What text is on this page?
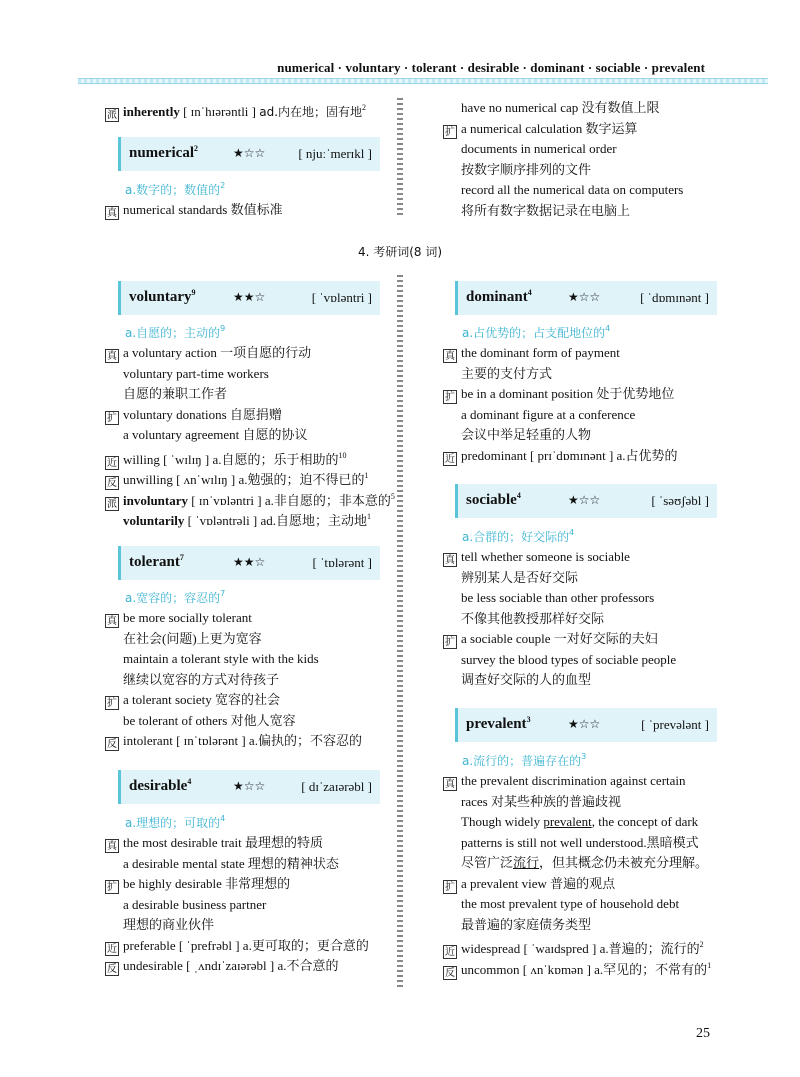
numerical · voluntary · tolerant · desirable · dominant · sociable · prevalent
派 inherently [ ɪnˈhɪərəntli ] ad.内在地；固有地$^2$
numerical$^2$	★☆☆	[ njuːˈmerɪkl ]
a.数字的；数值的$^2$
真 numerical standards 数值标准
have no numerical cap 没有数值上限
扩 a numerical calculation 数字运算
documents in numerical order
按数字顺序排列的文件
record all the numerical data on computers
将所有数字数据记录在电脑上
4. 考研词(8 词)
voluntary$^9$	★★☆	[ ˈvɒləntri ]
a.自愿的；主动的$^9$
真 a voluntary action 一项自愿的行动
voluntary part-time workers
自愿的兼职工作者
扩 voluntary donations 自愿捐赠
a voluntary agreement 自愿的协议
近 willing [ ˈwɪlɪŋ ] a.自愿的；乐于相助的$^{10}$
反 unwilling [ ʌnˈwɪlɪŋ ] a.勉强的；迫不得已的$^1$
派 involuntary [ ɪnˈvɒləntri ] a.非自愿的；非本意的$^5$
voluntarily [ ˈvɒləntrəli ] ad.自愿地；主动地$^1$
tolerant$^7$	★★☆	[ ˈtɒlərənt ]
a.宽容的；容忍的$^7$
真 be more socially tolerant
在社会(问题)上更为宽容
maintain a tolerant style with the kids
继续以宽容的方式对待孩子
扩 a tolerant society 宽容的社会
be tolerant of others 对他人宽容
反 intolerant [ ɪnˈtɒlərənt ] a.偏执的；不容忍的
desirable$^4$	★☆☆	[ dɪˈzaɪərəbl ]
a.理想的；可取的$^4$
真 the most desirable trait 最理想的特质
a desirable mental state 理想的精神状态
扩 be highly desirable 非常理想的
a desirable business partner
理想的商业伙伴
近 preferable [ ˈprefrəbl ] a.更可取的；更合意的
反 undesirable [ ˌʌndɪˈzaɪərəbl ] a.不合意的
dominant$^4$	★☆☆	[ ˈdɒmɪnənt ]
a.占优势的；占支配地位的$^4$
真 the dominant form of payment
主要的支付方式
扩 be in a dominant position 处于优势地位
a dominant figure at a conference
会议中举足轻重的人物
近 predominant [ prɪˈdɒmɪnənt ] a.占优势的
sociable$^4$	★☆☆	[ ˈsəʊʃəbl ]
a.合群的；好交际的$^4$
真 tell whether someone is sociable
辨别某人是否好交际
be less sociable than other professors
不像其他教授那样好交际
扩 a sociable couple 一对好交际的夫妇
survey the blood types of sociable people
调查好交际的人的血型
prevalent$^3$	★☆☆	[ ˈprevələnt ]
a.流行的；普遍存在的$^3$
真 the prevalent discrimination against certain
races 对某些种族的普遍歧视
Though widely prevalent, the concept of dark
patterns is still not well understood.黑暗模式
尽管广泛流行，但其概念仍未被充分理解。
扩 a prevalent view 普遍的观点
the most prevalent type of household debt
最普遍的家庭债务类型
近 widespread [ ˈwaɪdspred ] a.普遍的；流行的$^2$
反 uncommon [ ʌnˈkɒmən ] a.罕见的；不常有的$^1$
25
